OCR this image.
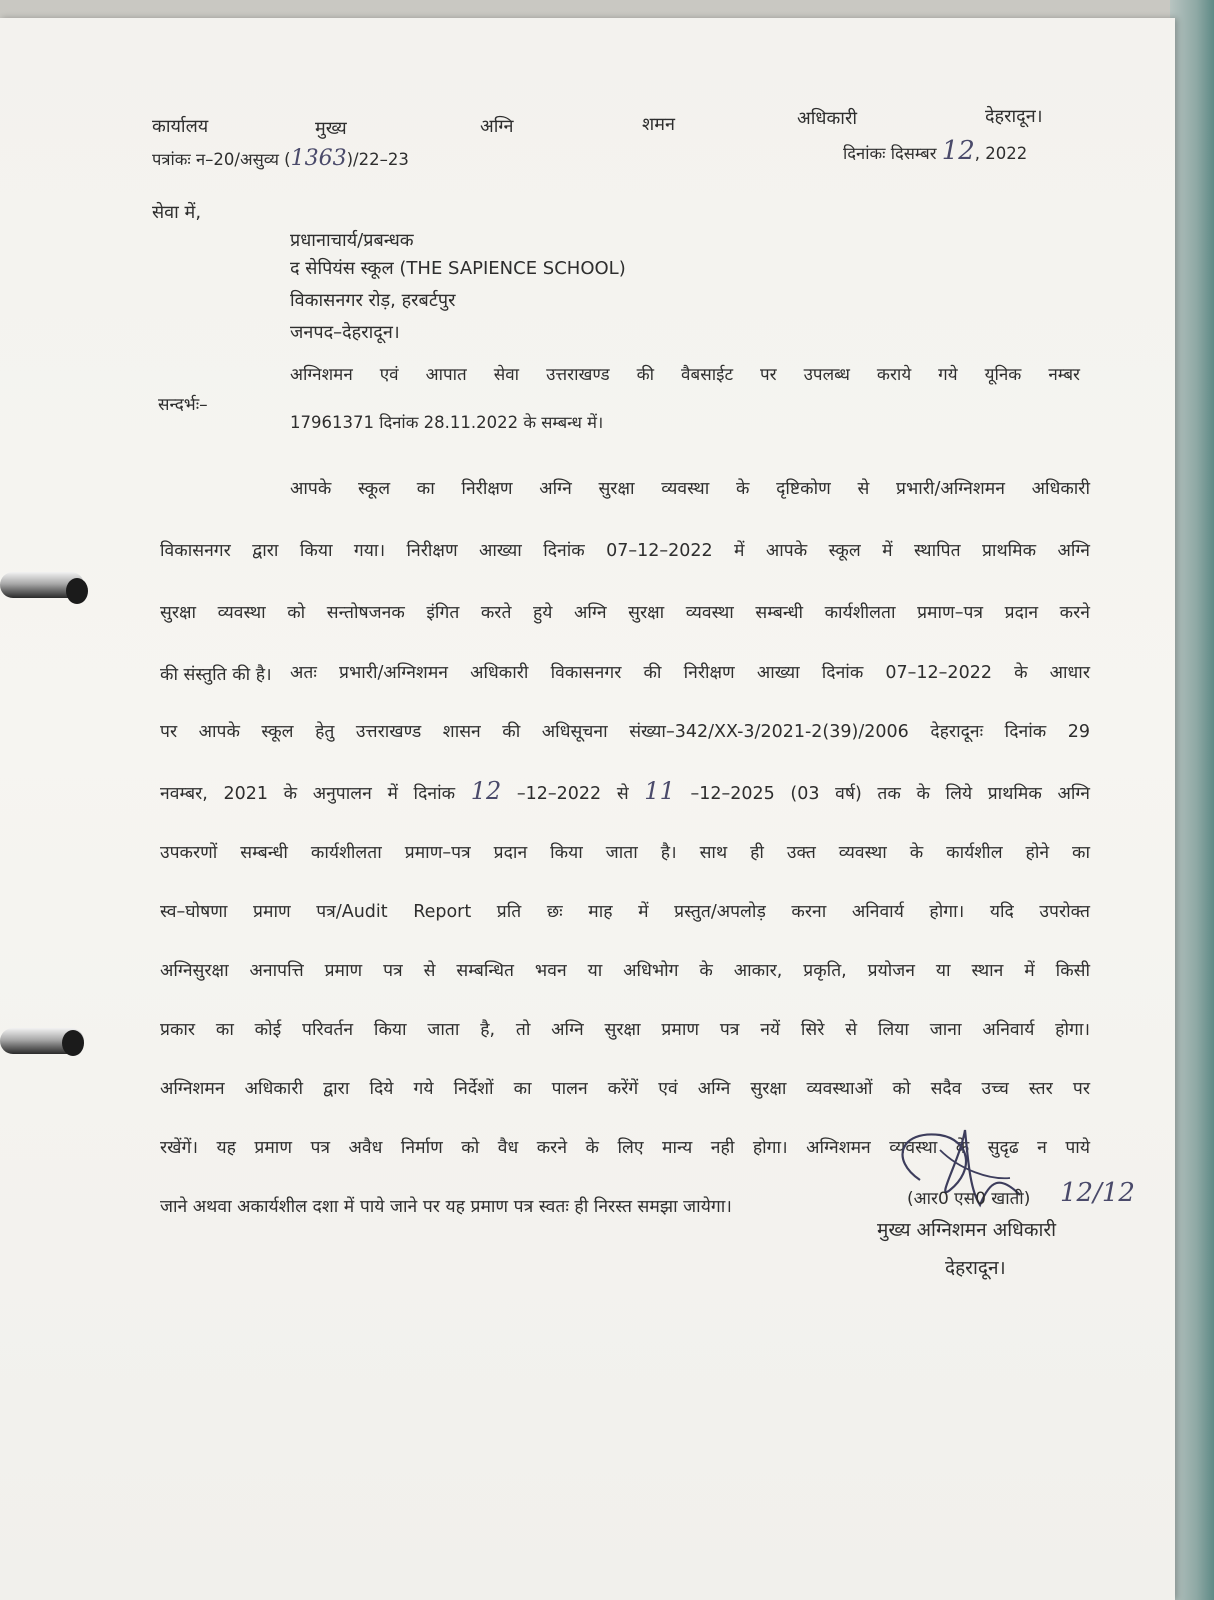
कार्यालय	मुख्य	अग्नि	शमन	अधिकारी	देहरादून।
पत्रांकः न–20/असुव्य (1363)/22–23	दिनांकः दिसम्बर 12, 2022
सेवा में,
प्रधानाचार्य/प्रबन्धक
द सेपियंस स्कूल (THE SAPIENCE SCHOOL)
विकासनगर रोड़, हरबर्टपुर
जनपद–देहरादून।
सन्दर्भः–
अग्निशमन एवं आपात सेवा उत्तराखण्ड की वैबसाईट पर उपलब्ध कराये गये यूनिक नम्बर
17961371 दिनांक 28.11.2022 के सम्बन्ध में।
आपके स्कूल का निरीक्षण अग्नि सुरक्षा व्यवस्था के दृष्टिकोण से प्रभारी/अग्निशमन अधिकारी
विकासनगर द्वारा किया गया। निरीक्षण आख्या दिनांक 07–12–2022 में आपके स्कूल में स्थापित प्राथमिक अग्नि
सुरक्षा व्यवस्था को सन्तोषजनक इंगित करते हुये अग्नि सुरक्षा व्यवस्था सम्बन्धी कार्यशीलता प्रमाण–पत्र प्रदान करने
की संस्तुति की है।	अतः प्रभारी/अग्निशमन अधिकारी विकासनगर की निरीक्षण आख्या दिनांक 07–12–2022 के आधार
पर आपके स्कूल हेतु उत्तराखण्ड शासन की अधिसूचना संख्या–342/XX-3/2021-2(39)/2006 देहरादूनः दिनांक 29
नवम्बर, 2021 के अनुपालन में दिनांक 12 –12–2022 से 11 –12–2025 (03 वर्ष) तक के लिये प्राथमिक अग्नि
उपकरणों सम्बन्धी कार्यशीलता प्रमाण–पत्र प्रदान किया जाता है। साथ ही उक्त व्यवस्था के कार्यशील होने का
स्व–घोषणा प्रमाण पत्र/Audit Report प्रति छः माह में प्रस्तुत/अपलोड़ करना अनिवार्य होगा। यदि उपरोक्त
अग्निसुरक्षा अनापत्ति प्रमाण पत्र से सम्बन्धित भवन या अधिभोग के आकार, प्रकृति, प्रयोजन या स्थान में किसी
प्रकार का कोई परिवर्तन किया जाता है, तो अग्नि सुरक्षा प्रमाण पत्र नयें सिरे से लिया जाना अनिवार्य होगा।
अग्निशमन अधिकारी द्वारा दिये गये निर्देशों का पालन करेंगें एवं अग्नि सुरक्षा व्यवस्थाओं को सदैव उच्च स्तर पर
रखेंगें। यह प्रमाण पत्र अवैध निर्माण को वैध करने के लिए मान्य नही होगा। अग्निशमन व्यवस्था के सुदृढ न पाये
जाने अथवा अकार्यशील दशा में पाये जाने पर यह प्रमाण पत्र स्वतः ही निरस्त समझा जायेगा।	(आर0 एस0 खाती) 12/12
मुख्य अग्निशमन अधिकारी
देहरादून।
